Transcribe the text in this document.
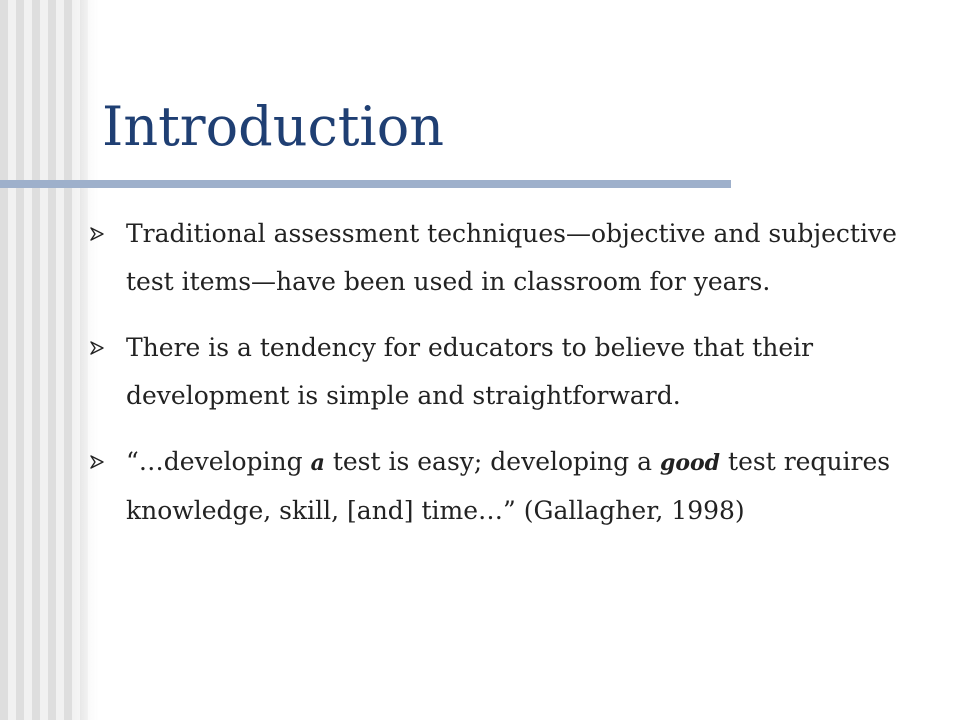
Introduction
Traditional assessment techniques—objective and subjective test items—have been used in classroom for years.
There is a tendency for educators to believe that their development is simple and straightforward.
“…developing a test is easy; developing a good test requires knowledge, skill, [and] time…” (Gallagher, 1998)
